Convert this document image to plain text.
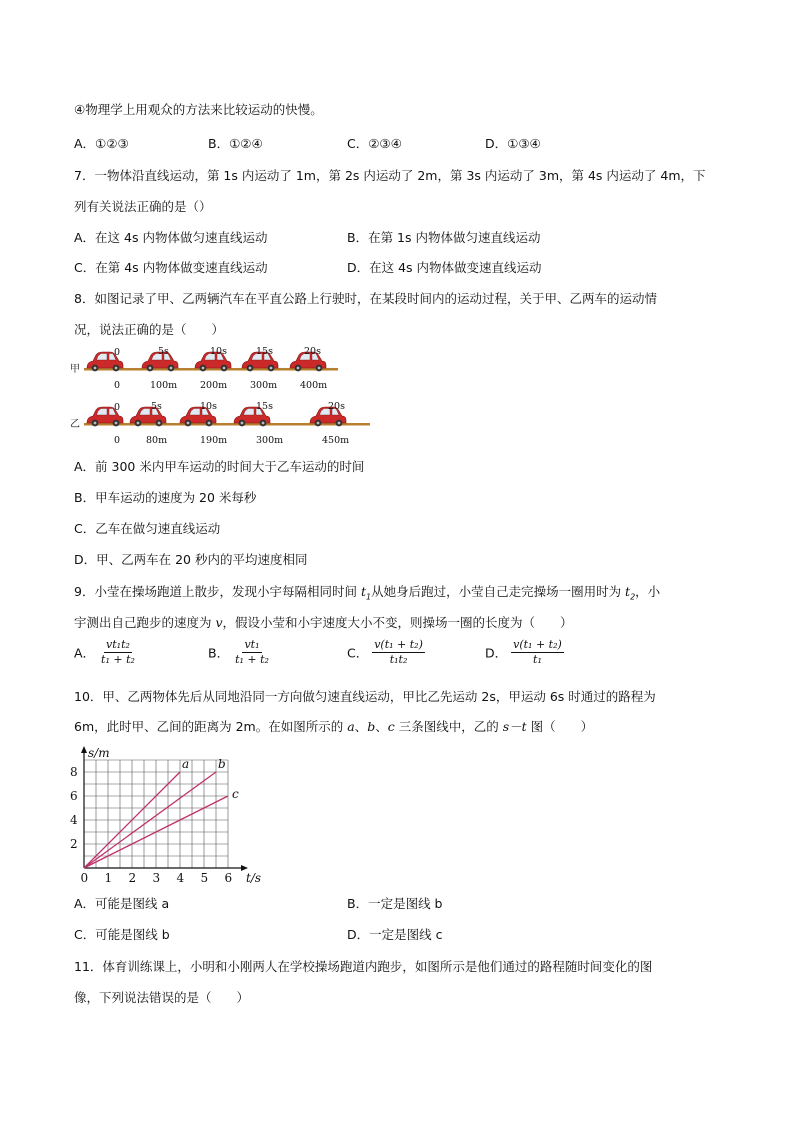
④物理学上用观众的方法来比较运动的快慢。
A．①②③	B．①②④	C．②③④	D．①③④
7．一物体沿直线运动，第 1s 内运动了 1m，第 2s 内运动了 2m，第 3s 内运动了 3m，第 4s 内运动了 4m，下
列有关说法正确的是（）
A．在这 4s 内物体做匀速直线运动	B．在第 1s 内物体做匀速直线运动
C．在第 4s 内物体做变速直线运动	D．在这 4s 内物体做变速直线运动
8．如图记录了甲、乙两辆汽车在平直公路上行驶时，在某段时间内的运动过程，关于甲、乙两车的运动情
况，说法正确的是（　　）
甲
0	5s	10s	15s	20s
0	100m 200m 300m 400m
乙
0	5s	10s	15s	20s
0	80m	190m	300m	450m
A．前 300 米内甲车运动的时间大于乙车运动的时间
B．甲车运动的速度为 20 米每秒
C．乙车在做匀速直线运动
D．甲、乙两车在 20 秒内的平均速度相同
9．小莹在操场跑道上散步，发现小宇每隔相同时间 $t_1$从她身后跑过，小莹自己走完操场一圈用时为 $t_2$，小
宇测出自己跑步的速度为 v，假设小莹和小宇速度大小不变，则操场一圈的长度为（　　）
A． $\frac{\text{vt₁t₂}}{\text{t₁ + t₂}}$	B． $\frac{\text{vt₁}}{\text{t₁ + t₂}}$	C． $\frac{\text{v(t₁ + t₂)}}{\text{t₁t₂}}$	D． $\frac{\text{v(t₁ + t₂)}}{\text{t₁}}$
10．甲、乙两物体先后从同地沿同一方向做匀速直线运动，甲比乙先运动 2s，甲运动 6s 时通过的路程为
6m，此时甲、乙间的距离为 2m。在如图所示的 a、b、c 三条图线中，乙的 s－t 图（　　）
0 1 2 3 4 5 6
2
4
6
8
t/s
s/m
a b
c
A．可能是图线 a	B．一定是图线 b
C．可能是图线 b	D．一定是图线 c
11．体育训练课上，小明和小刚两人在学校操场跑道内跑步，如图所示是他们通过的路程随时间变化的图
像，下列说法错误的是（　　）
